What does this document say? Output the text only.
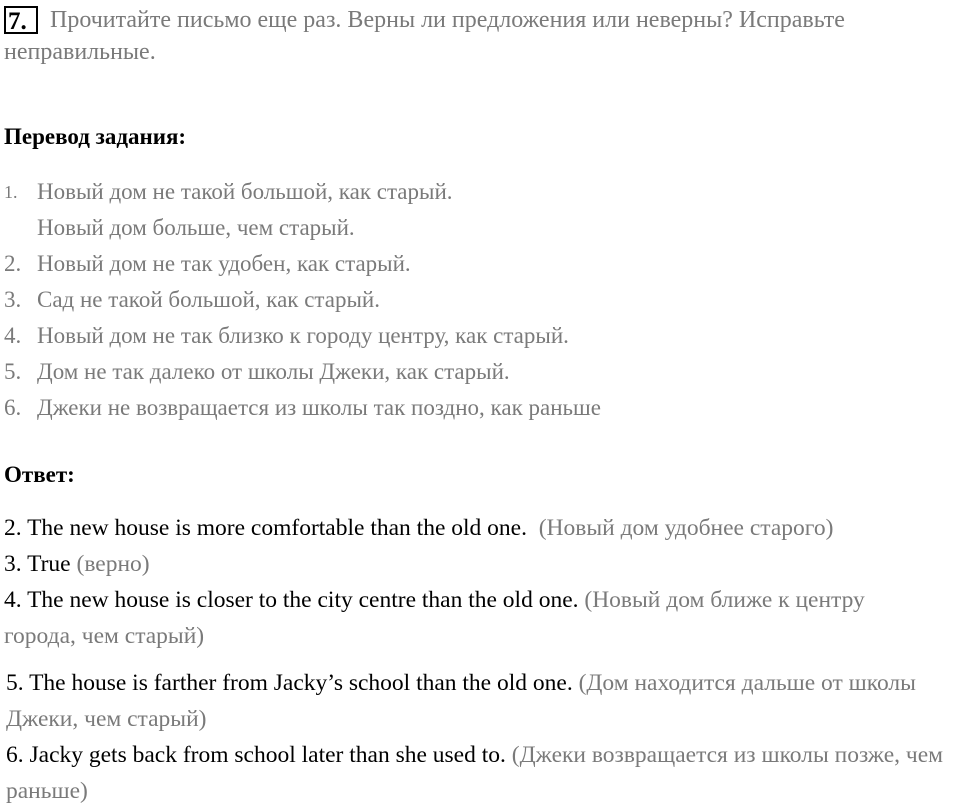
7. Прочитайте письмо еще раз. Верны ли предложения или неверны? Исправьте неправильные.
Перевод задания:
1. Новый дом не такой большой, как старый.
Новый дом больше, чем старый.
2. Новый дом не так удобен, как старый.
3. Сад не такой большой, как старый.
4. Новый дом не так близко к городу центру, как старый.
5. Дом не так далеко от школы Джеки, как старый.
6. Джеки не возвращается из школы так поздно, как раньше
Ответ:
2. The new house is more comfortable than the old one. (Новый дом удобнее старого)
3. True (верно)
4. The new house is closer to the city centre than the old one. (Новый дом ближе к центру города, чем старый)
5. The house is farther from Jacky’s school than the old one. (Дом находится дальше от школы Джеки, чем старый)
6. Jacky gets back from school later than she used to. (Джеки возвращается из школы позже, чем раньше)
